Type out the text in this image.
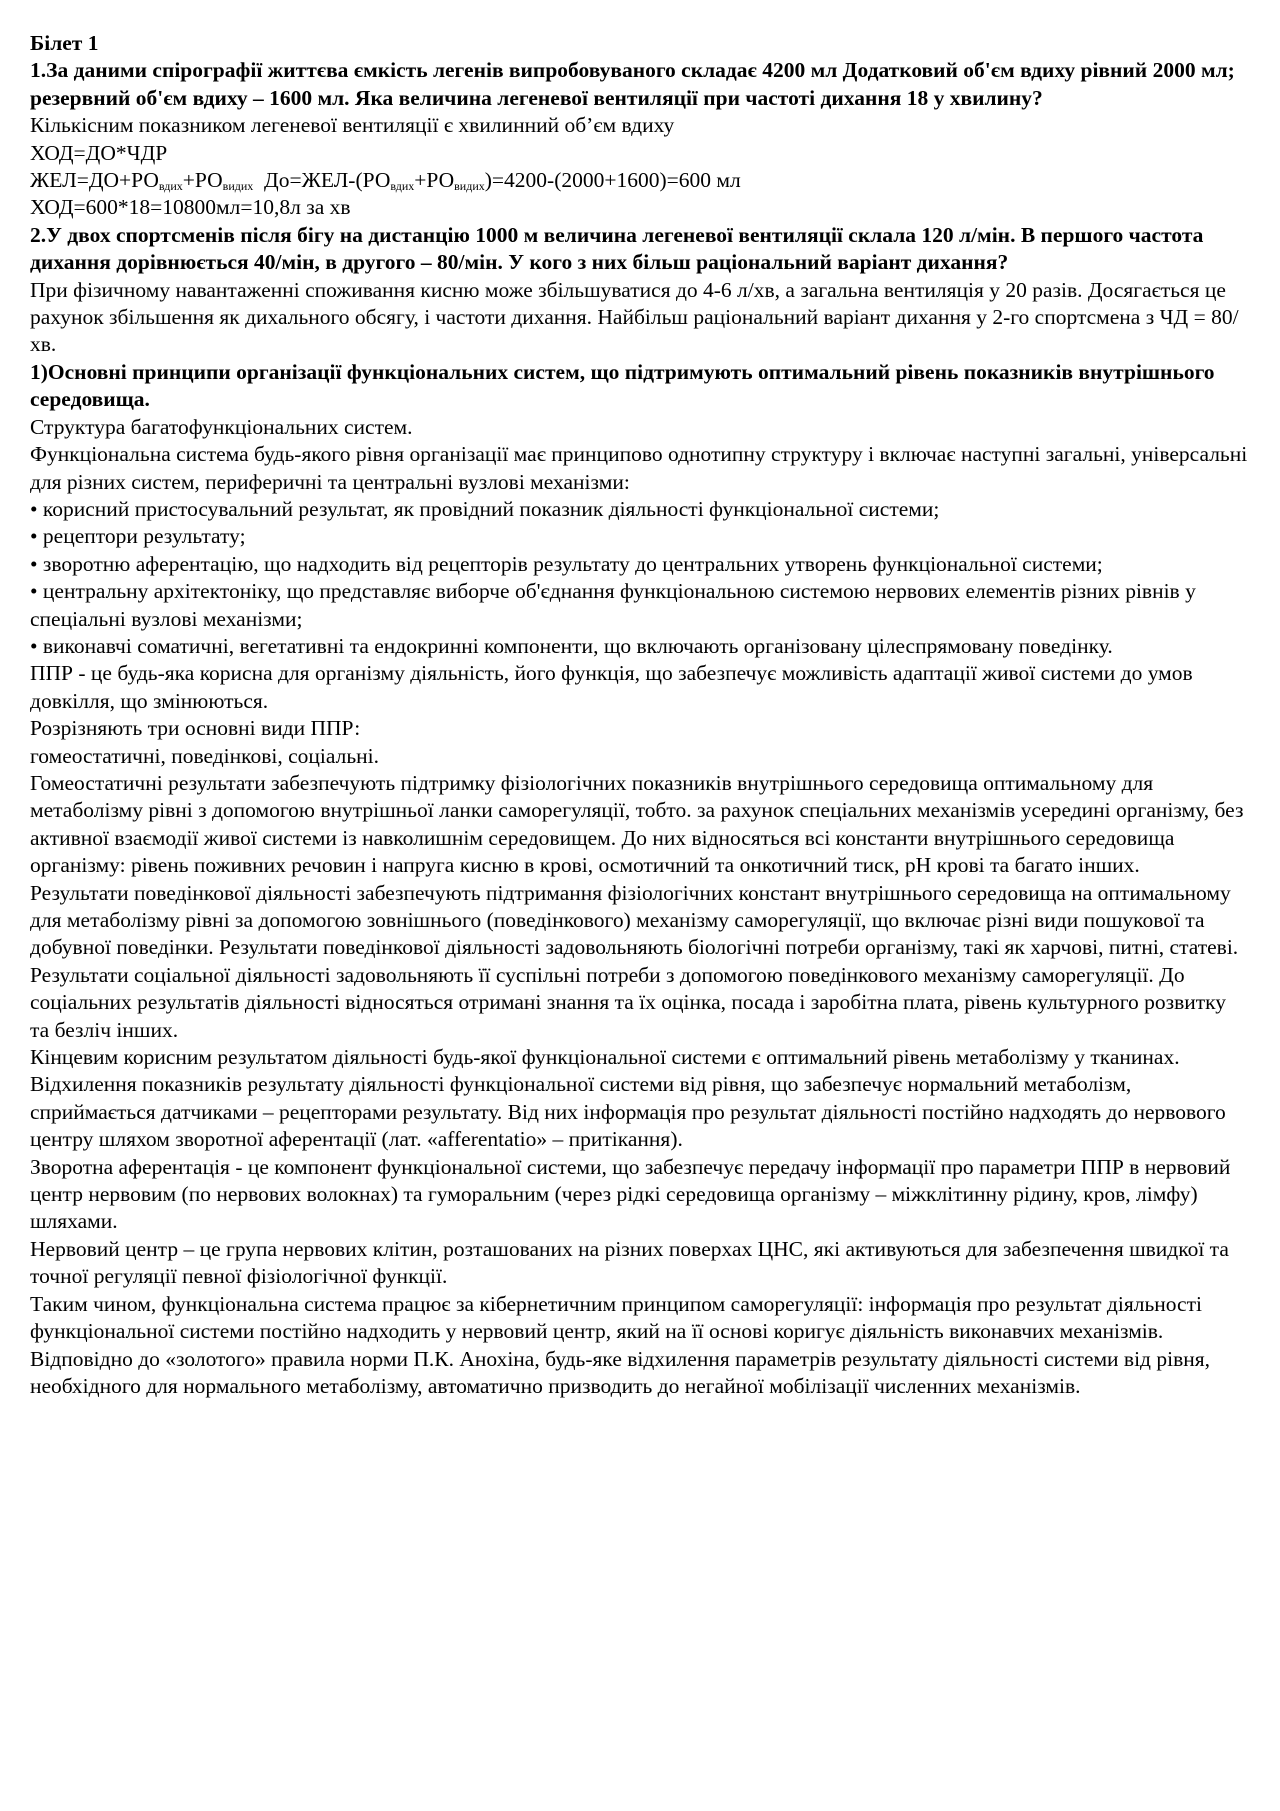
Білет 1

1.За даними спірографії життєва ємкість легенів випробовуваного складає 4200 мл Додатковий об'єм вдиху рівний 2000 мл; резервний об'єм вдиху – 1600 мл. Яка величина легеневої вентиляції при частоті дихання 18 у хвилину?

Кількісним показником легеневої вентиляції є хвилинний об’єм вдиху

ХОД=ДО*ЧДР

$ЖЕЛ=ДО+РО_{вдих}+РО_{видих}$  $До=ЖЕЛ-(РО_{вдих}+РО_{видих})=4200-(2000+1600)=600$ мл

ХОД=600*18=10800мл=10,8л за хв

2.У двох спортсменів після бігу на дистанцію 1000 м величина легеневої вентиляції склала 120 л/мін. В першого частота дихання дорівнюється 40/мін, в другого – 80/мін. У кого з них більш раціональний варіант дихання?

При фізичному навантаженні споживання кисню може збільшуватися до 4-6 л/хв, а загальна вентиляція у 20 разів. Досягається це рахунок збільшення як дихального обсягу, і частоти дихання. Найбільш раціональний варіант дихання у 2-го спортсмена з ЧД = 80/хв.

1)Основні принципи організації функціональних систем, що підтримують оптимальний рівень показників внутрішнього середовища.

Структура багатофункціональних систем.

Функціональна система будь-якого рівня організації має принципово однотипну структуру і включає наступні загальні, універсальні для різних систем, периферичні та центральні вузлові механізми:

• корисний пристосувальний результат, як провідний показник діяльності функціональної системи;

• рецептори результату;

• зворотню аферентацію, що надходить від рецепторів результату до центральних утворень функціональної системи;

• центральну архітектоніку, що представляє виборче об'єднання функціональною системою нервових елементів різних рівнів у спеціальні вузлові механізми;

• виконавчі соматичні, вегетативні та ендокринні компоненти, що включають організовану цілеспрямовану поведінку.

ППР - це будь-яка корисна для організму діяльність, його функція, що забезпечує можливість адаптації живої системи до умов довкілля, що змінюються.

Розрізняють три основні види ППР:

гомеостатичні, поведінкові, соціальні.

Гомеостатичні результати забезпечують підтримку фізіологічних показників внутрішнього середовища оптимальному для метаболізму рівні з допомогою внутрішньої ланки саморегуляції, тобто. за рахунок спеціальних механізмів усередині організму, без активної взаємодії живої системи із навколишнім середовищем. До них відносяться всі константи внутрішнього середовища організму: рівень поживних речовин і напруга кисню в крові, осмотичний та онкотичний тиск, рН крові та багато інших.

Результати поведінкової діяльності забезпечують підтримання фізіологічних констант внутрішнього середовища на оптимальному для метаболізму рівні за допомогою зовнішнього (поведінкового) механізму саморегуляції, що включає різні види пошукової та добувної поведінки. Результати поведінкової діяльності задовольняють біологічні потреби організму, такі як харчові, питні, статеві.

Результати соціальної діяльності задовольняють її суспільні потреби з допомогою поведінкового механізму саморегуляції. До соціальних результатів діяльності відносяться отримані знання та їх оцінка, посада і заробітна плата, рівень культурного розвитку та безліч інших.

Кінцевим корисним результатом діяльності будь-якої функціональної системи є оптимальний рівень метаболізму у тканинах. Відхилення показників результату діяльності функціональної системи від рівня, що забезпечує нормальний метаболізм, сприймається датчиками – рецепторами результату. Від них інформація про результат діяльності постійно надходять до нервового центру шляхом зворотної аферентації (лат. «afferentatio» – притікання).

Зворотна аферентація - це компонент функціональної системи, що забезпечує передачу інформації про параметри ППР в нервовий центр нервовим (по нервових волокнах) та гуморальним (через рідкі середовища організму – міжклітинну рідину, кров, лімфу) шляхами.

Нервовий центр – це група нервових клітин, розташованих на різних поверхах ЦНС, які активуються для забезпечення швидкої та точної регуляції певної фізіологічної функції.

Таким чином, функціональна система працює за кібернетичним принципом саморегуляції: інформація про результат діяльності функціональної системи постійно надходить у нервовий центр, який на її основі коригує діяльність виконавчих механізмів. Відповідно до «золотого» правила норми П.К. Анохіна, будь-яке відхилення параметрів результату діяльності системи від рівня, необхідного для нормального метаболізму, автоматично призводить до негайної мобілізації численних механізмів.
